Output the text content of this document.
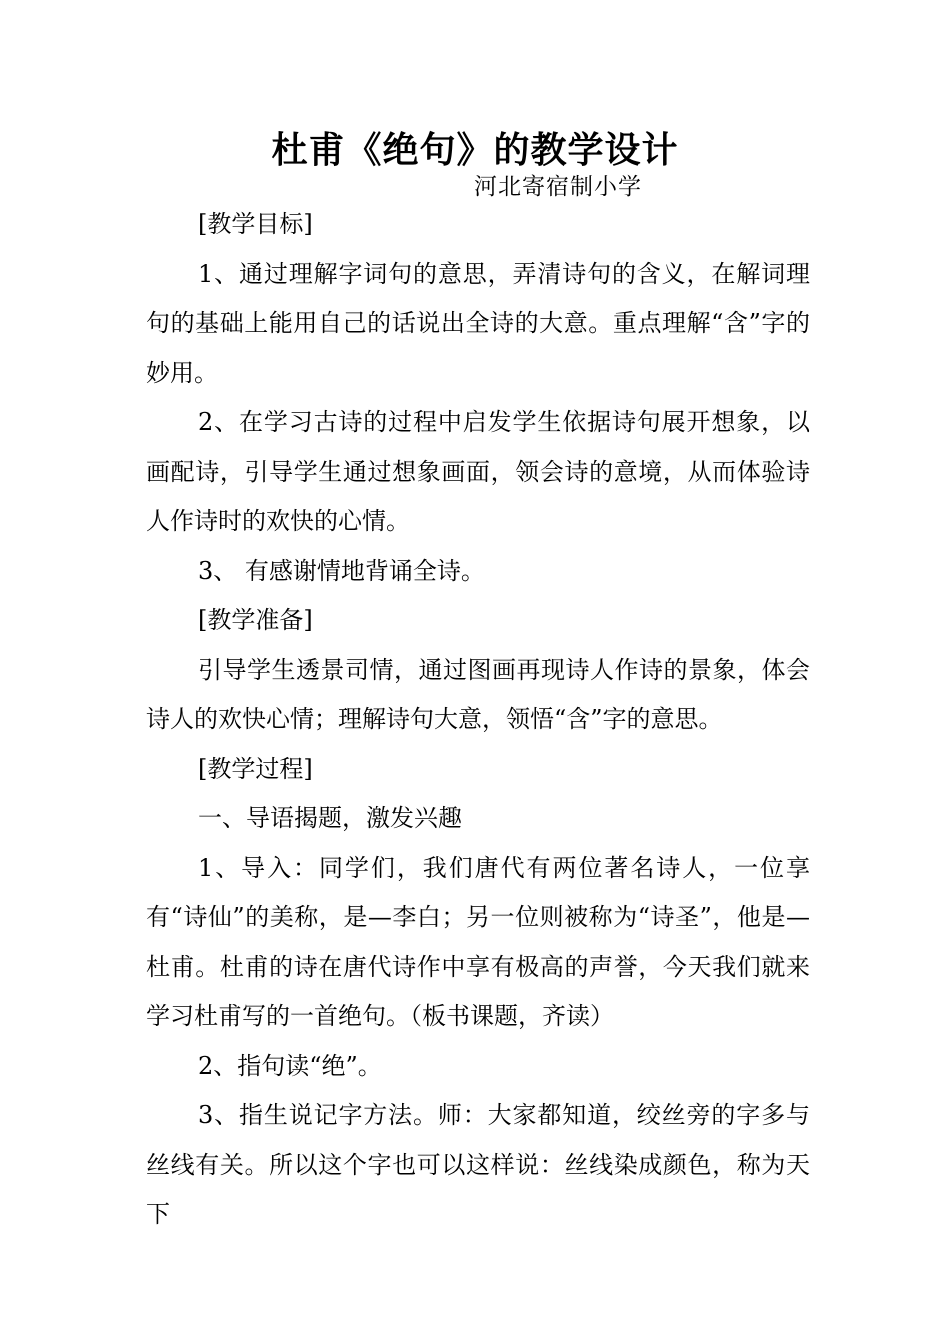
杜甫《绝句》的教学设计
河北寄宿制小学

[教学目标]

1、通过理解字词句的意思，弄清诗句的含义，在解词理句的基础上能用自己的话说出全诗的大意。重点理解“含”字的妙用。

2、在学习古诗的过程中启发学生依据诗句展开想象，以画配诗，引导学生通过想象画面，领会诗的意境，从而体验诗人作诗时的欢快的心情。

3、 有感谢情地背诵全诗。

[教学准备]

引导学生透景司情，通过图画再现诗人作诗的景象，体会诗人的欢快心情；理解诗句大意，领悟“含”字的意思。

[教学过程]

一、导语揭题，激发兴趣

1、导入：同学们，我们唐代有两位著名诗人，一位享有“诗仙”的美称，是—李白；另一位则被称为“诗圣”，他是—杜甫。杜甫的诗在唐代诗作中享有极高的声誉，今天我们就来学习杜甫写的一首绝句。（板书课题，齐读）

2、指句读“绝”。

3、指生说记字方法。师：大家都知道，绞丝旁的字多与丝线有关。所以这个字也可以这样说：丝线染成颜色，称为天下
